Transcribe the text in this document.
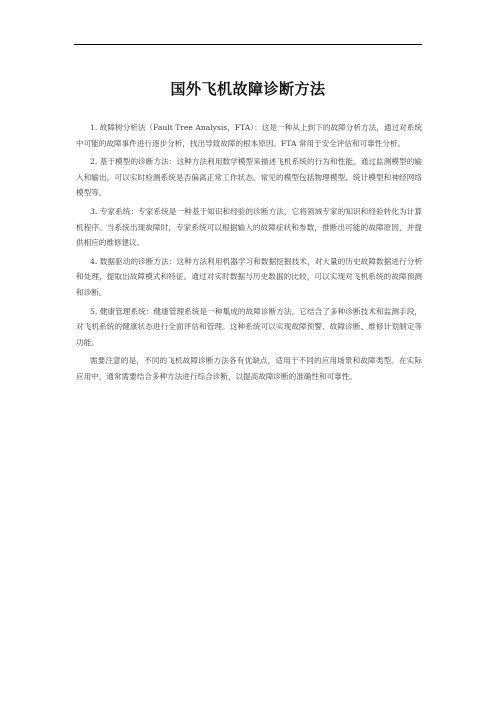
国外飞机故障诊断方法

1. 故障树分析法（Fault Tree Analysis，FTA）：这是一种从上到下的故障分析方法，通过对系统中可能的故障事件进行逐步分析，找出导致故障的根本原因。FTA 常用于安全评估和可靠性分析。

2. 基于模型的诊断方法：这种方法利用数学模型来描述飞机系统的行为和性能。通过监测模型的输入和输出，可以实时检测系统是否偏离正常工作状态。常见的模型包括物理模型、统计模型和神经网络模型等。

3. 专家系统：专家系统是一种基于知识和经验的诊断方法，它将领域专家的知识和经验转化为计算机程序。当系统出现故障时，专家系统可以根据输入的故障症状和参数，推断出可能的故障原因，并提供相应的维修建议。

4. 数据驱动的诊断方法：这种方法利用机器学习和数据挖掘技术，对大量的历史故障数据进行分析和处理，提取出故障模式和特征。通过对实时数据与历史数据的比较，可以实现对飞机系统的故障预测和诊断。

5. 健康管理系统：健康管理系统是一种集成的故障诊断方法，它结合了多种诊断技术和监测手段，对飞机系统的健康状态进行全面评估和管理。这种系统可以实现故障预警、故障诊断、维修计划制定等功能。

需要注意的是，不同的飞机故障诊断方法各有优缺点，适用于不同的应用场景和故障类型。在实际应用中，通常需要结合多种方法进行综合诊断，以提高故障诊断的准确性和可靠性。
